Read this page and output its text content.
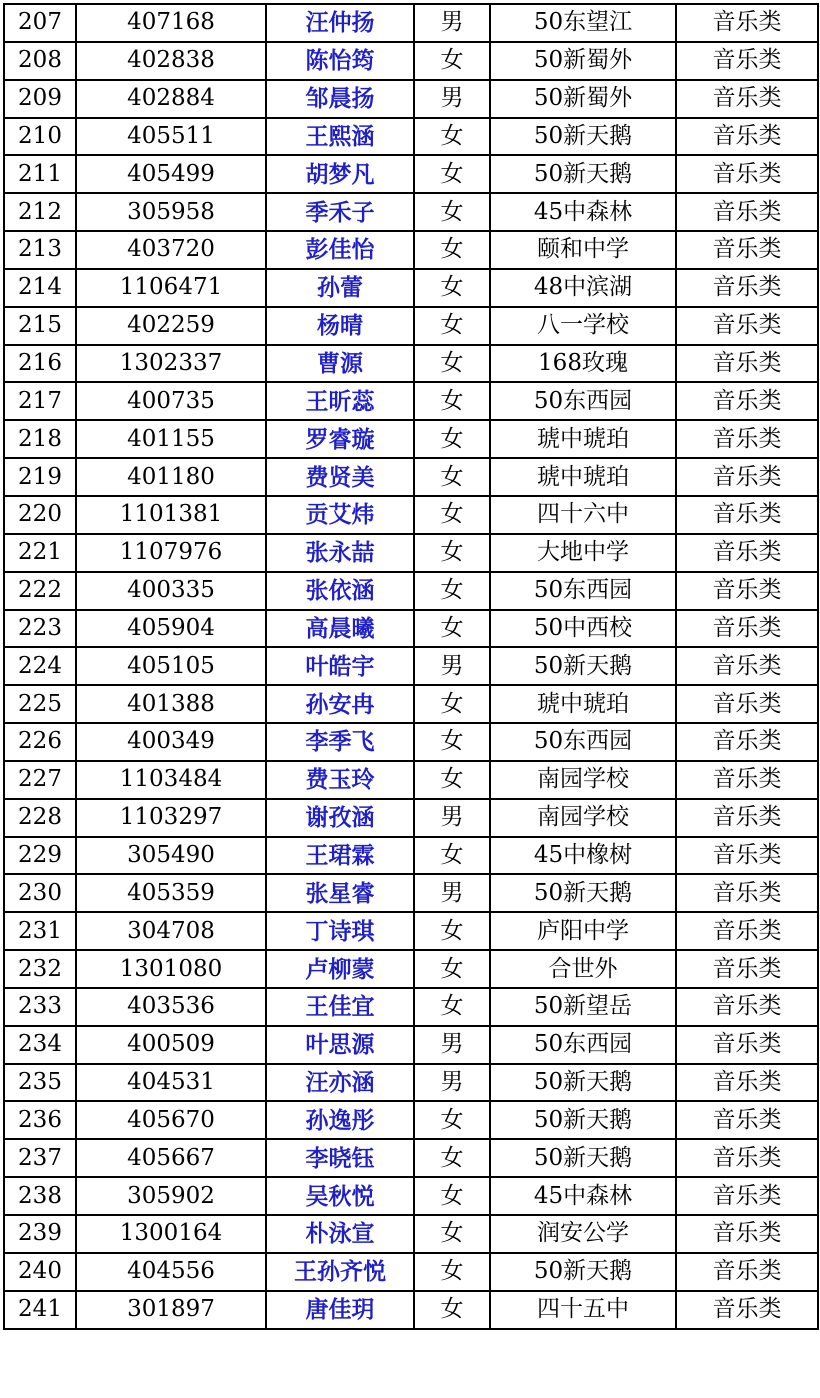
207	407168	汪仲扬	男	50东望江	音乐类
208	402838	陈怡筠	女	50新蜀外	音乐类
209	402884	邹晨扬	男	50新蜀外	音乐类
210	405511	王熙涵	女	50新天鹅	音乐类
211	405499	胡梦凡	女	50新天鹅	音乐类
212	305958	季禾子	女	45中森林	音乐类
213	403720	彭佳怡	女	颐和中学	音乐类
214	1106471	孙蕾	女	48中滨湖	音乐类
215	402259	杨晴	女	八一学校	音乐类
216	1302337	曹源	女	168玫瑰	音乐类
217	400735	王昕蕊	女	50东西园	音乐类
218	401155	罗睿璇	女	琥中琥珀	音乐类
219	401180	费贤美	女	琥中琥珀	音乐类
220	1101381	贡艾炜	女	四十六中	音乐类
221	1107976	张永喆	女	大地中学	音乐类
222	400335	张依涵	女	50东西园	音乐类
223	405904	高晨曦	女	50中西校	音乐类
224	405105	叶皓宇	男	50新天鹅	音乐类
225	401388	孙安冉	女	琥中琥珀	音乐类
226	400349	李季飞	女	50东西园	音乐类
227	1103484	费玉玲	女	南园学校	音乐类
228	1103297	谢孜涵	男	南园学校	音乐类
229	305490	王珺霖	女	45中橡树	音乐类
230	405359	张星睿	男	50新天鹅	音乐类
231	304708	丁诗琪	女	庐阳中学	音乐类
232	1301080	卢柳蒙	女	合世外	音乐类
233	403536	王佳宜	女	50新望岳	音乐类
234	400509	叶思源	男	50东西园	音乐类
235	404531	汪亦涵	男	50新天鹅	音乐类
236	405670	孙逸彤	女	50新天鹅	音乐类
237	405667	李晓钰	女	50新天鹅	音乐类
238	305902	吴秋悦	女	45中森林	音乐类
239	1300164	朴泳宣	女	润安公学	音乐类
240	404556	王孙齐悦	女	50新天鹅	音乐类
241	301897	唐佳玥	女	四十五中	音乐类
